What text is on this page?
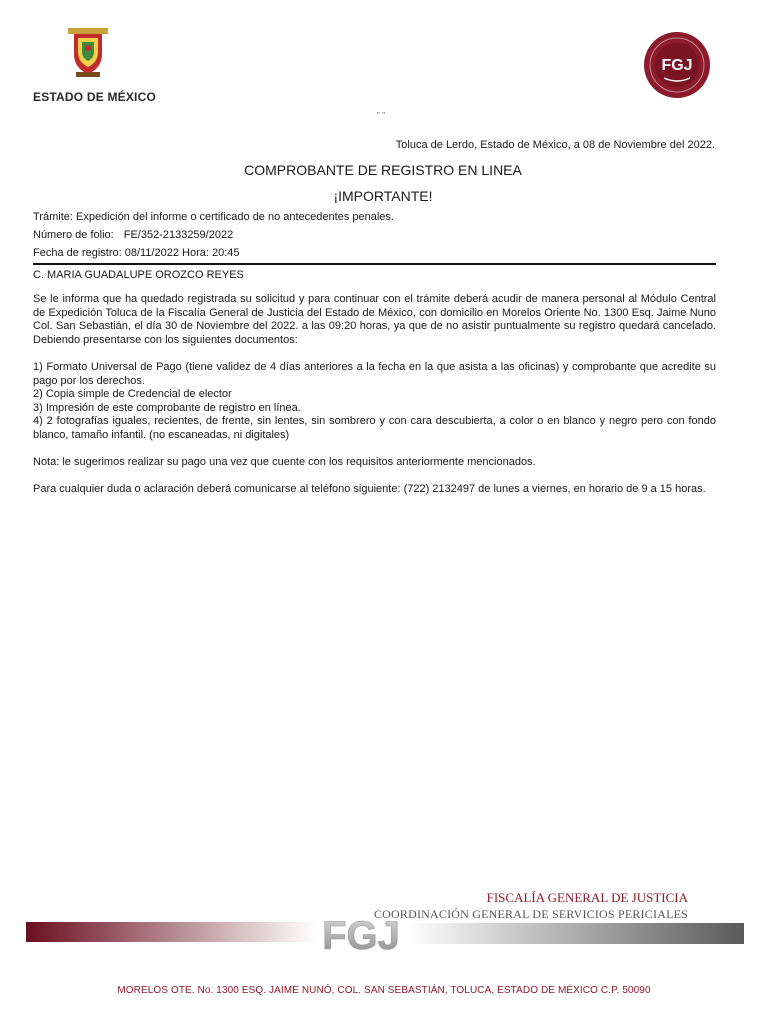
ESTADO DE MÉXICO
FGJ
" "
Toluca de Lerdo, Estado de México, a 08 de Noviembre del 2022.
COMPROBANTE DE REGISTRO EN LINEA
¡IMPORTANTE!
Trámite: Expedición del informe o certificado de no antecedentes penales.
Número de folio: FE/352-2133259/2022
Fecha de registro: 08/11/2022 Hora: 20:45
C. MARIA GUADALUPE OROZCO REYES

Se le informa que ha quedado registrada su solicitud y para continuar con el trámite deberá acudir de manera personal al Módulo Central de Expedición Toluca de la Fiscalía General de Justicia del Estado de México, con domicilio en Morelos Oriente No. 1300 Esq. Jaime Nuno Col. San Sebastián, el día 30 de Noviembre del 2022. a las 09:20 horas, ya que de no asistir puntualmente su registro quedará cancelado. Debiendo presentarse con los siguientes documentos:

1) Formato Universal de Pago (tiene validez de 4 días anteriores a la fecha en la que asista a las oficinas) y comprobante que acredite su pago por los derechos.
2) Copia simple de Credencial de elector
3) Impresión de este comprobante de registro en línea.
4) 2 fotografías iguales, recientes, de frente, sin lentes, sin sombrero y con cara descubierta, a color o en blanco y negro pero con fondo blanco, tamaño infantil. (no escaneadas, ni digitales)
Nota: le sugerimos realizar su pago una vez que cuente con los requisitos anteriormente mencionados.
Para cualquier duda o aclaración deberá comunicarse al teléfono siguiente: (722) 2132497 de lunes a viernes, en horario de 9 a 15 horas.
FISCALÍA GENERAL DE JUSTICIA
COORDINACIÓN GENERAL DE SERVICIOS PERICIALES
FGJ
MORELOS OTE. No. 1300 ESQ. JAIME NUNÓ, COL. SAN SEBASTIÁN, TOLUCA, ESTADO DE MÉXICO C.P. 50090
